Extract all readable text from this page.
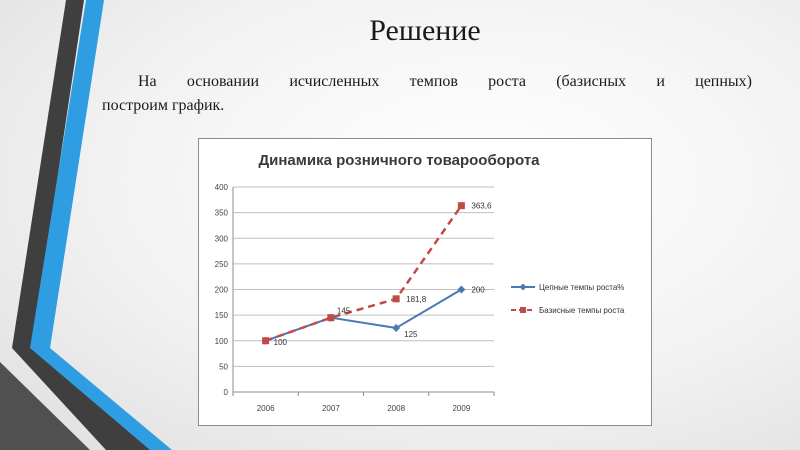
Решение
На основании исчисленных темпов роста (базисных и цепных)
построим график.
Динамика розничного товарооборота
0
50
100
150
200
250
300
350
400
2006	2007	2008	2009
100
125
200
145
181,8
363,6
Цепные темпы роста%
Базисные темпы роста
